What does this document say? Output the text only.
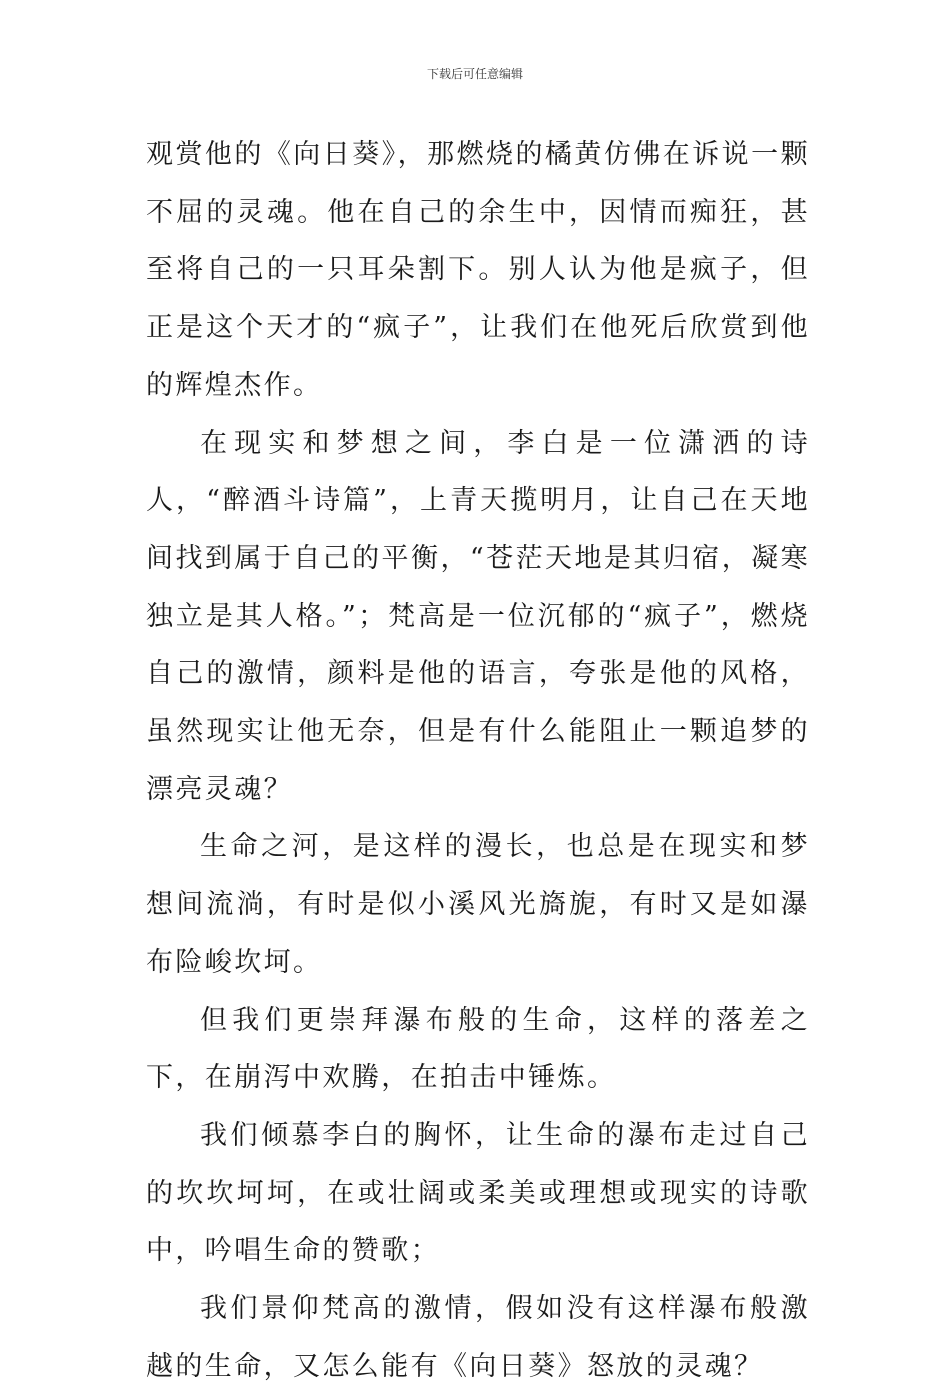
下载后可任意编辑

观赏他的《向日葵》，那燃烧的橘黄仿佛在诉说一颗不屈的灵魂。他在自己的余生中，因情而痴狂，甚至将自己的一只耳朵割下。别人认为他是疯子，但正是这个天才的“疯子”，让我们在他死后欣赏到他的辉煌杰作。

在现实和梦想之间，李白是一位潇洒的诗人，“醉酒斗诗篇”，上青天揽明月，让自己在天地间找到属于自己的平衡，“苍茫天地是其归宿，凝寒独立是其人格。”；梵高是一位沉郁的“疯子”，燃烧自己的激情，颜料是他的语言，夸张是他的风格，虽然现实让他无奈，但是有什么能阻止一颗追梦的漂亮灵魂？

生命之河，是这样的漫长，也总是在现实和梦想间流淌，有时是似小溪风光旖旎，有时又是如瀑布险峻坎坷。

但我们更崇拜瀑布般的生命，这样的落差之下，在崩泻中欢腾，在拍击中锤炼。

我们倾慕李白的胸怀，让生命的瀑布走过自己的坎坎坷坷，在或壮阔或柔美或理想或现实的诗歌中，吟唱生命的赞歌；

我们景仰梵高的激情，假如没有这样瀑布般激越的生命，又怎么能有《向日葵》怒放的灵魂？
